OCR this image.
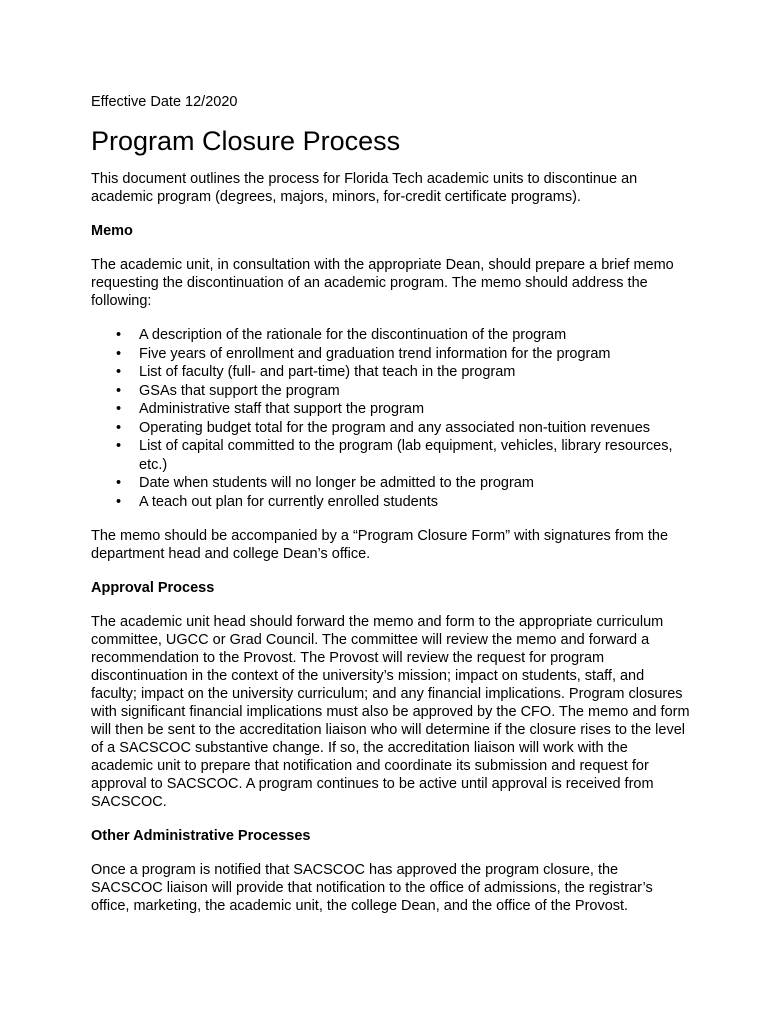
Effective Date 12/2020
Program Closure Process

This document outlines the process for Florida Tech academic units to discontinue an academic program (degrees, majors, minors, for-credit certificate programs).

Memo

The academic unit, in consultation with the appropriate Dean, should prepare a brief memo requesting the discontinuation of an academic program. The memo should address the following:

• A description of the rationale for the discontinuation of the program
• Five years of enrollment and graduation trend information for the program
• List of faculty (full- and part-time) that teach in the program
• GSAs that support the program
• Administrative staff that support the program
• Operating budget total for the program and any associated non-tuition revenues
• List of capital committed to the program (lab equipment, vehicles, library resources, etc.)
• Date when students will no longer be admitted to the program
• A teach out plan for currently enrolled students

The memo should be accompanied by a “Program Closure Form” with signatures from the department head and college Dean’s office.

Approval Process

The academic unit head should forward the memo and form to the appropriate curriculum committee, UGCC or Grad Council. The committee will review the memo and forward a recommendation to the Provost. The Provost will review the request for program discontinuation in the context of the university’s mission; impact on students, staff, and faculty; impact on the university curriculum; and any financial implications. Program closures with significant financial implications must also be approved by the CFO. The memo and form will then be sent to the accreditation liaison who will determine if the closure rises to the level of a SACSCOC substantive change. If so, the accreditation liaison will work with the academic unit to prepare that notification and coordinate its submission and request for approval to SACSCOC. A program continues to be active until approval is received from SACSCOC.

Other Administrative Processes

Once a program is notified that SACSCOC has approved the program closure, the SACSCOC liaison will provide that notification to the office of admissions, the registrar’s office, marketing, the academic unit, the college Dean, and the office of the Provost.
